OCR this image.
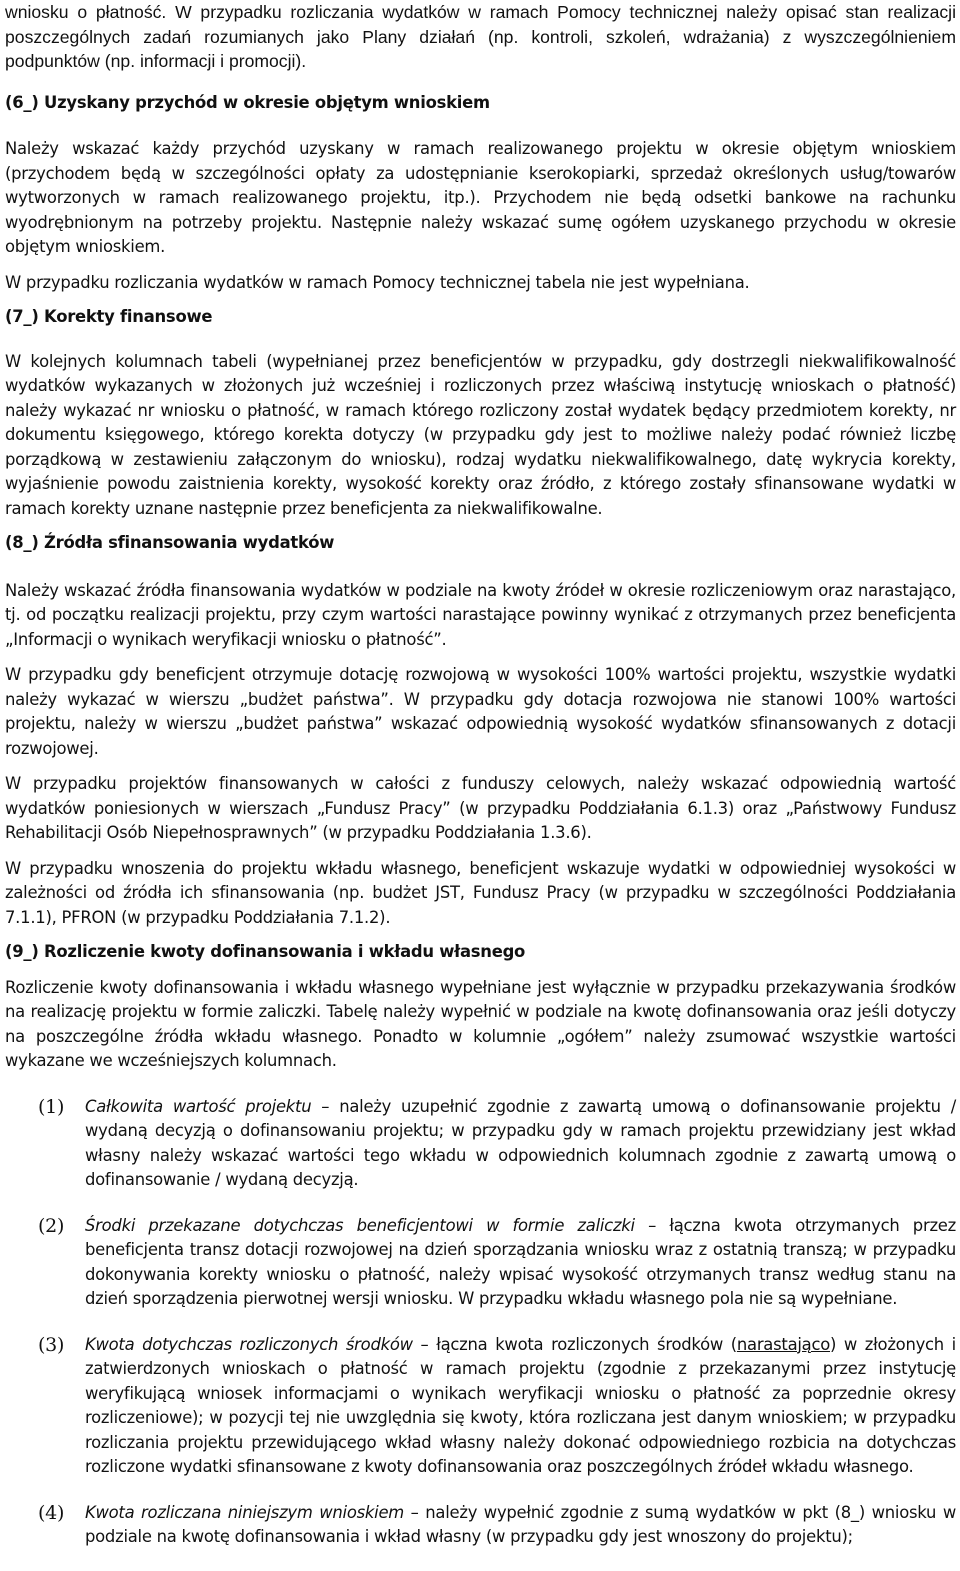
wniosku o płatność. W przypadku rozliczania wydatków w ramach Pomocy technicznej należy opisać stan realizacji poszczególnych zadań rozumianych jako Plany działań (np. kontroli, szkoleń, wdrażania) z wyszczególnieniem podpunktów (np. informacji i promocji).

(6_) Uzyskany przychód w okresie objętym wnioskiem

Należy wskazać każdy przychód uzyskany w ramach realizowanego projektu w okresie objętym wnioskiem (przychodem będą w szczególności opłaty za udostępnianie kserokopiarki, sprzedaż określonych usług/towarów wytworzonych w ramach realizowanego projektu, itp.). Przychodem nie będą odsetki bankowe na rachunku wyodrębnionym na potrzeby projektu. Następnie należy wskazać sumę ogółem uzyskanego przychodu w okresie objętym wnioskiem.

W przypadku rozliczania wydatków w ramach Pomocy technicznej tabela nie jest wypełniana.

(7_) Korekty finansowe

W kolejnych kolumnach tabeli (wypełnianej przez beneficjentów w przypadku, gdy dostrzegli niekwalifikowalność wydatków wykazanych w złożonych już wcześniej i rozliczonych przez właściwą instytucję wnioskach o płatność) należy wykazać nr wniosku o płatność, w ramach którego rozliczony został wydatek będący przedmiotem korekty, nr dokumentu księgowego, którego korekta dotyczy (w przypadku gdy jest to możliwe należy podać również liczbę porządkową w zestawieniu załączonym do wniosku), rodzaj wydatku niekwalifikowalnego, datę wykrycia korekty, wyjaśnienie powodu zaistnienia korekty, wysokość korekty oraz źródło, z którego zostały sfinansowane wydatki w ramach korekty uznane następnie przez beneficjenta za niekwalifikowalne.

(8_) Źródła sfinansowania wydatków

Należy wskazać źródła finansowania wydatków w podziale na kwoty źródeł w okresie rozliczeniowym oraz narastająco, tj. od początku realizacji projektu, przy czym wartości narastające powinny wynikać z otrzymanych przez beneficjenta „Informacji o wynikach weryfikacji wniosku o płatność”.

W przypadku gdy beneficjent otrzymuje dotację rozwojową w wysokości 100% wartości projektu, wszystkie wydatki należy wykazać w wierszu „budżet państwa”. W przypadku gdy dotacja rozwojowa nie stanowi 100% wartości projektu, należy w wierszu „budżet państwa” wskazać odpowiednią wysokość wydatków sfinansowanych z dotacji rozwojowej.

W przypadku projektów finansowanych w całości z funduszy celowych, należy wskazać odpowiednią wartość wydatków poniesionych w wierszach „Fundusz Pracy” (w przypadku Poddziałania 6.1.3) oraz „Państwowy Fundusz Rehabilitacji Osób Niepełnosprawnych” (w przypadku Poddziałania 1.3.6).

W przypadku wnoszenia do projektu wkładu własnego, beneficjent wskazuje wydatki w odpowiedniej wysokości w zależności od źródła ich sfinansowania (np. budżet JST, Fundusz Pracy (w przypadku w szczególności Poddziałania 7.1.1), PFRON (w przypadku Poddziałania 7.1.2).

(9_) Rozliczenie kwoty dofinansowania i wkładu własnego

Rozliczenie kwoty dofinansowania i wkładu własnego wypełniane jest wyłącznie w przypadku przekazywania środków na realizację projektu w formie zaliczki. Tabelę należy wypełnić w podziale na kwotę dofinansowania oraz jeśli dotyczy na poszczególne źródła wkładu własnego. Ponadto w kolumnie „ogółem” należy zsumować wszystkie wartości wykazane we wcześniejszych kolumnach.

(1)	Całkowita wartość projektu – należy uzupełnić zgodnie z zawartą umową o dofinansowanie projektu / wydaną decyzją o dofinansowaniu projektu; w przypadku gdy w ramach projektu przewidziany jest wkład własny należy wskazać wartości tego wkładu w odpowiednich kolumnach zgodnie z zawartą umową o dofinansowanie / wydaną decyzją.
(2)	Środki przekazane dotychczas beneficjentowi w formie zaliczki – łączna kwota otrzymanych przez beneficjenta transz dotacji rozwojowej na dzień sporządzania wniosku wraz z ostatnią transzą; w przypadku dokonywania korekty wniosku o płatność, należy wpisać wysokość otrzymanych transz według stanu na dzień sporządzenia pierwotnej wersji wniosku. W przypadku wkładu własnego pola nie są wypełniane.
(3)	Kwota dotychczas rozliczonych środków – łączna kwota rozliczonych środków (narastająco) w złożonych i zatwierdzonych wnioskach o płatność w ramach projektu (zgodnie z przekazanymi przez instytucję weryfikującą wniosek informacjami o wynikach weryfikacji wniosku o płatność za poprzednie okresy rozliczeniowe); w pozycji tej nie uwzględnia się kwoty, która rozliczana jest danym wnioskiem; w przypadku rozliczania projektu przewidującego wkład własny należy dokonać odpowiedniego rozbicia na dotychczas rozliczone wydatki sfinansowane z kwoty dofinansowania oraz poszczególnych źródeł wkładu własnego.
(4)	Kwota rozliczana niniejszym wnioskiem – należy wypełnić zgodnie z sumą wydatków w pkt (8_) wniosku w podziale na kwotę dofinansowania i wkład własny (w przypadku gdy jest wnoszony do projektu);
